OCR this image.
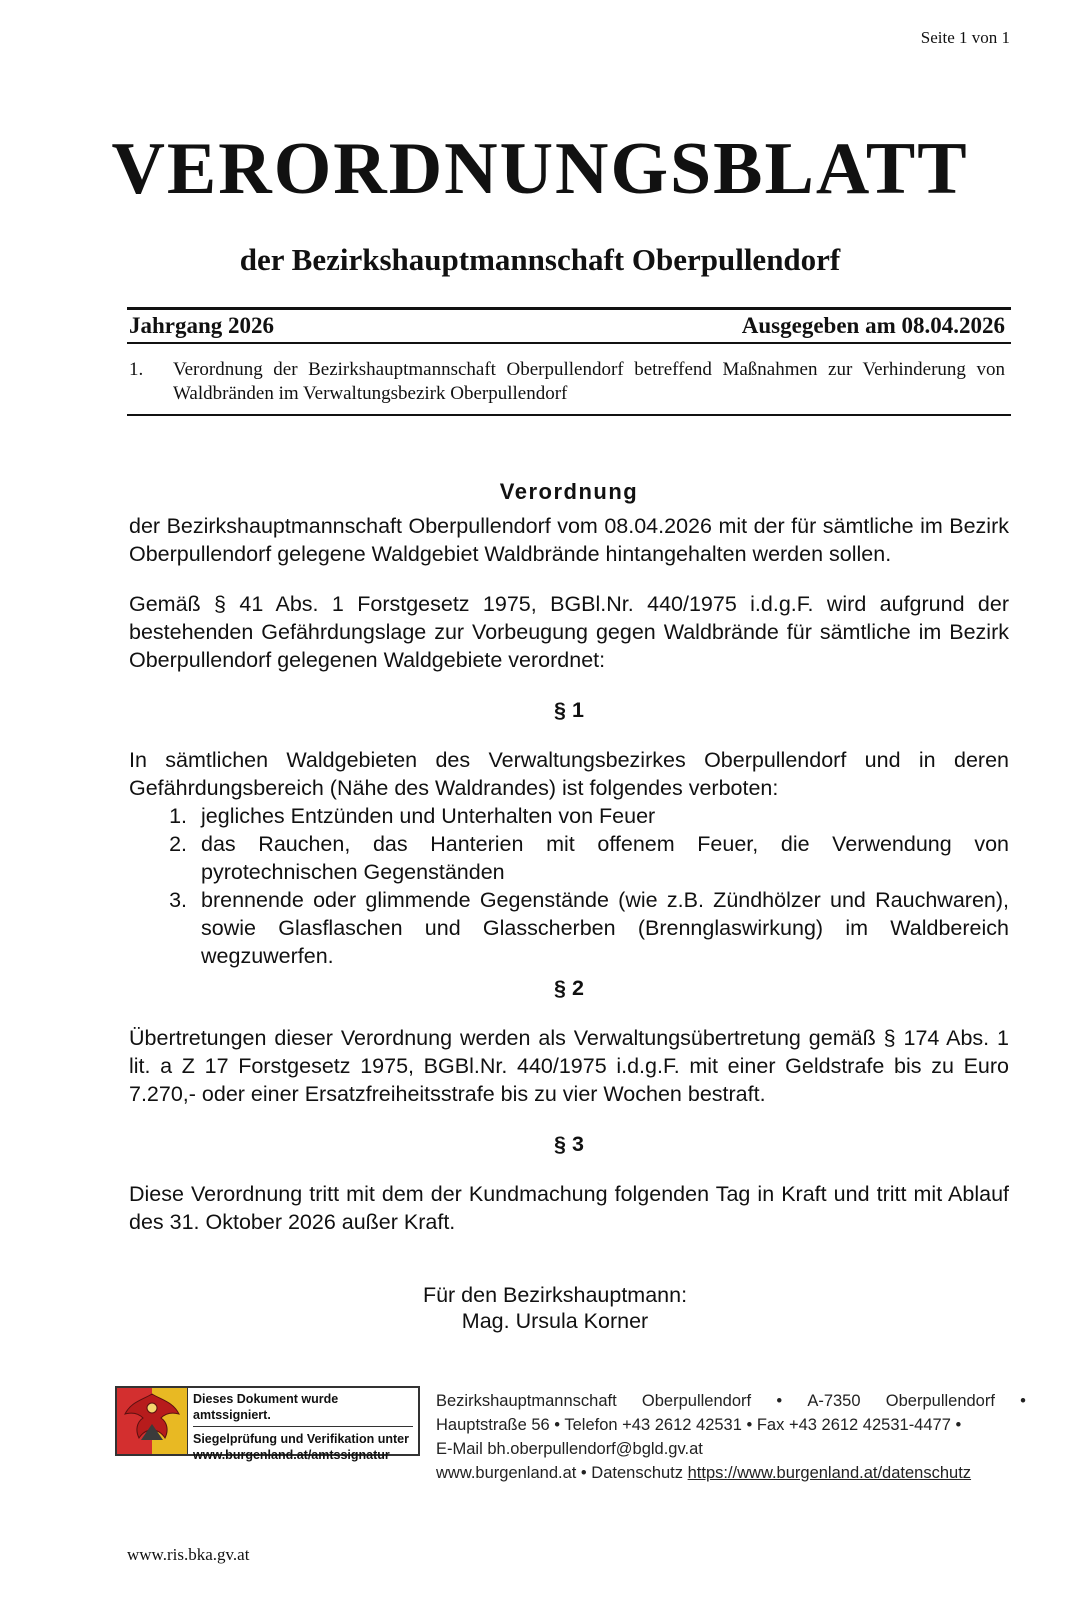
Seite 1 von 1
VERORDNUNGSBLATT
der Bezirkshauptmannschaft Oberpullendorf
Jahrgang 2026	Ausgegeben am 08.04.2026
1.	Verordnung der Bezirkshauptmannschaft Oberpullendorf betreffend Maßnahmen zur Verhinderung von Waldbränden im Verwaltungsbezirk Oberpullendorf
Verordnung

der Bezirkshauptmannschaft Oberpullendorf vom 08.04.2026 mit der für sämtliche im Bezirk Oberpullendorf gelegene Waldgebiet Waldbrände hintangehalten werden sollen.

Gemäß § 41 Abs. 1 Forstgesetz 1975, BGBl.Nr. 440/1975 i.d.g.F. wird aufgrund der bestehenden Gefährdungslage zur Vorbeugung gegen Waldbrände für sämtliche im Bezirk Oberpullendorf gelegenen Waldgebiete verordnet:

§ 1

In sämtlichen Waldgebieten des Verwaltungsbezirkes Oberpullendorf und in deren Gefährdungsbereich (Nähe des Waldrandes) ist folgendes verboten:

1. jegliches Entzünden und Unterhalten von Feuer
2. das Rauchen, das Hanterien mit offenem Feuer, die Verwendung von pyrotechnischen Gegenständen
3. brennende oder glimmende Gegenstände (wie z.B. Zündhölzer und Rauchwaren), sowie Glasflaschen und Glasscherben (Brennglaswirkung) im Waldbereich wegzuwerfen.
§ 2

Übertretungen dieser Verordnung werden als Verwaltungsübertretung gemäß § 174 Abs. 1 lit. a Z 17 Forstgesetz 1975, BGBl.Nr. 440/1975 i.d.g.F. mit einer Geldstrafe bis zu Euro 7.270,- oder einer Ersatzfreiheitsstrafe bis zu vier Wochen bestraft.

§ 3

Diese Verordnung tritt mit dem der Kundmachung folgenden Tag in Kraft und tritt mit Ablauf des 31. Oktober 2026 außer Kraft.

Für den Bezirkshauptmann:
Mag. Ursula Korner
Dieses Dokument wurde amtssigniert.
Siegelprüfung und Verifikation unter
www.burgenland.at/amtssignatur
Bezirkshauptmannschaft Oberpullendorf • A-7350 Oberpullendorf •
Hauptstraße 56 • Telefon +43 2612 42531 • Fax +43 2612 42531-4477 •
E-Mail bh.oberpullendorf@bgld.gv.at
www.burgenland.at • Datenschutz https://www.burgenland.at/datenschutz
www.ris.bka.gv.at
